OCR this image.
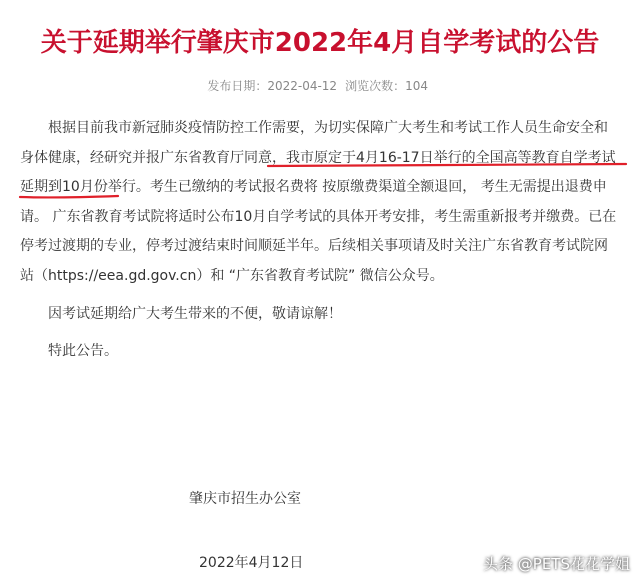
关于延期举行肇庆市2022年4月自学考试的公告
发布日期：2022-04-12 浏览次数：104

根据目前我市新冠肺炎疫情防控工作需要，为切实保障广大考生和考试工作人员生命安全和身体健康，经研究并报广东省教育厅同意，我市原定于4月16-17日举行的全国高等教育自学考试延期到10月份举行。考生已缴纳的考试报名费将 按原缴费渠道全额退回， 考生无需提出退费申请。 广东省教育考试院将适时公布10月自学考试的具体开考安排，考生需重新报考并缴费。已在停考过渡期的专业，停考过渡结束时间顺延半年。后续相关事项请及时关注广东省教育考试院网站（https://eea.gd.gov.cn）和 “广东省教育考试院” 微信公众号。

因考试延期给广大考生带来的不便，敬请谅解！

特此公告。

肇庆市招生办公室
2022年4月12日	头条 @PETS花花学姐
